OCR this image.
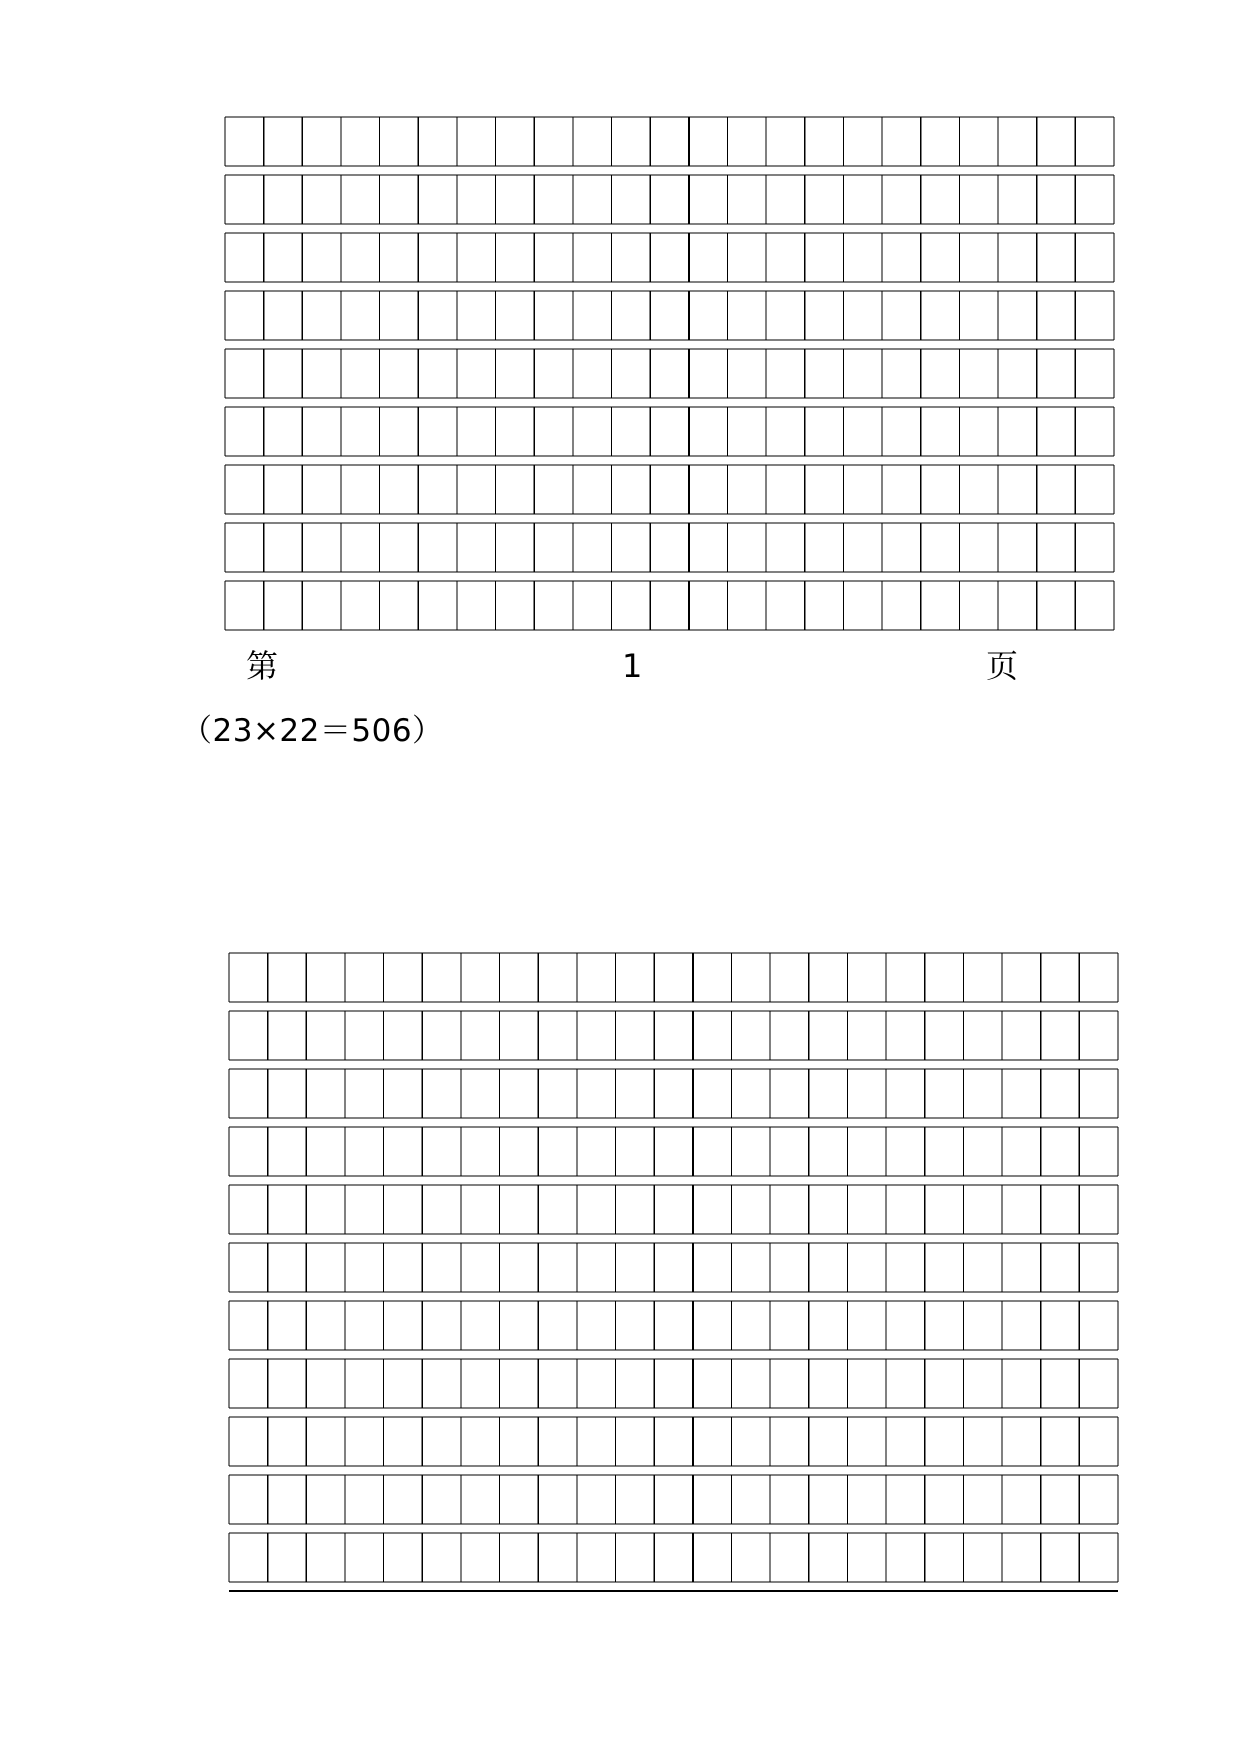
第	1	页
（23×22＝506）
